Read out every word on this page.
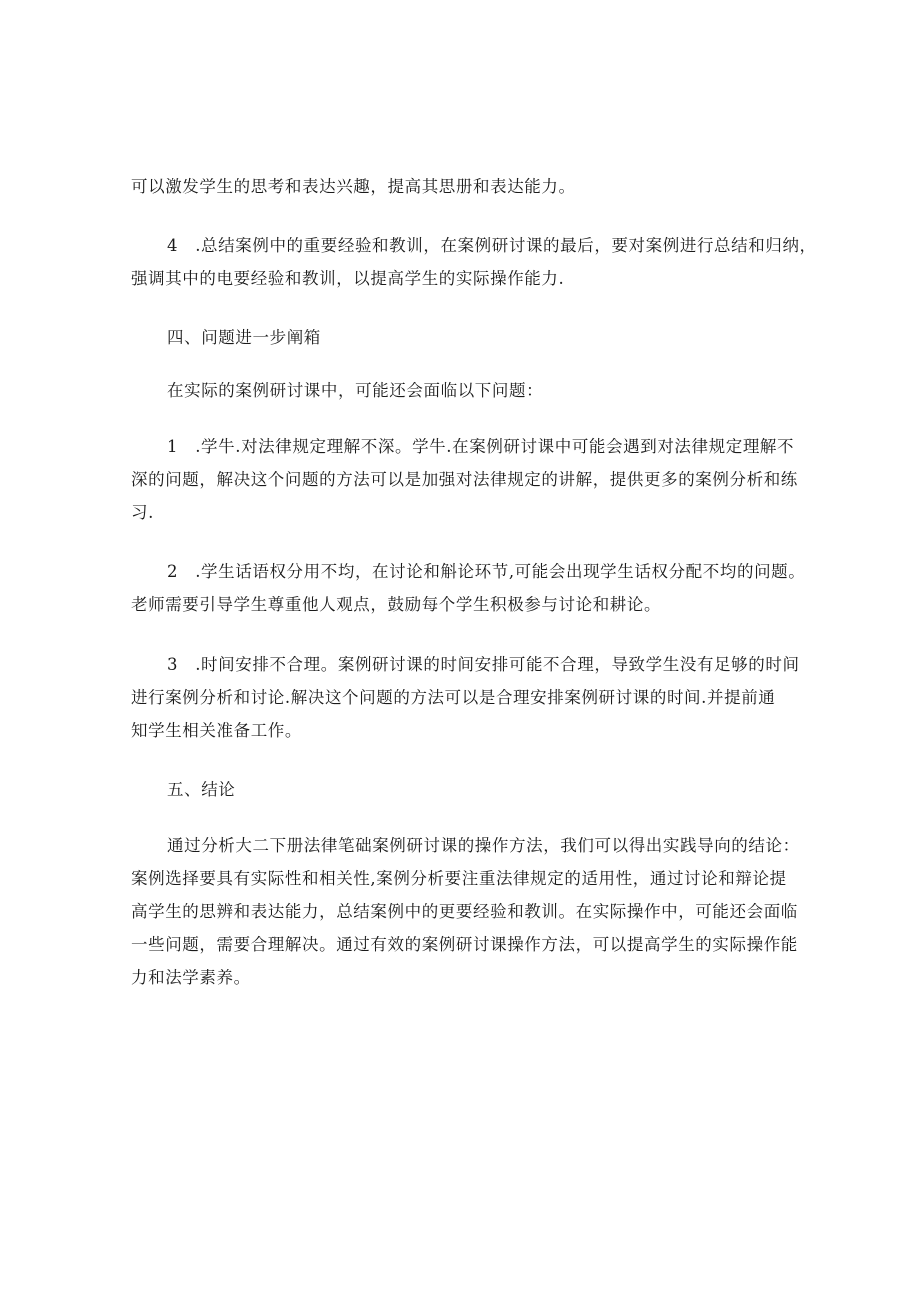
可以激发学生的思考和表达兴趣，提高其思册和表达能力。

4　.总结案例中的重要经验和教训，在案例研讨课的最后，要对案例进行总结和归纳，
强调其中的电要经验和教训，以提高学生的实际操作能力.

四、问题进一步阐箱

在实际的案例研讨课中，可能还会面临以下问题：

1　.学牛.对法律规定理解不深。学牛.在案例研讨课中可能会遇到对法律规定理解不
深的问题，解决这个问题的方法可以是加强对法律规定的讲解，提供更多的案例分析和练
习.

2　.学生话语权分用不均，在讨论和斛论环节,可能会出现学生话权分配不均的问题。
老师需要引导学生尊重他人观点，鼓励每个学生积极参与讨论和耕论。

3　.时间安排不合理。案例研讨课的时间安排可能不合理，导致学生没有足够的时间
进行案例分析和讨论.解决这个问题的方法可以是合理安排案例研讨课的时间.并提前通
知学生相关准备工作。

五、结论

通过分析大二下册法律笔础案例研讨课的操作方法，我们可以得出实践导向的结论：
案例选择要具有实际性和相关性,案例分析要注重法律规定的适用性，通过讨论和辩论提
高学生的思辨和表达能力，总结案例中的更要经验和教训。在实际操作中，可能还会面临
一些问题，需要合理解决。通过有效的案例研讨课操作方法，可以提高学生的实际操作能
力和法学素养。
